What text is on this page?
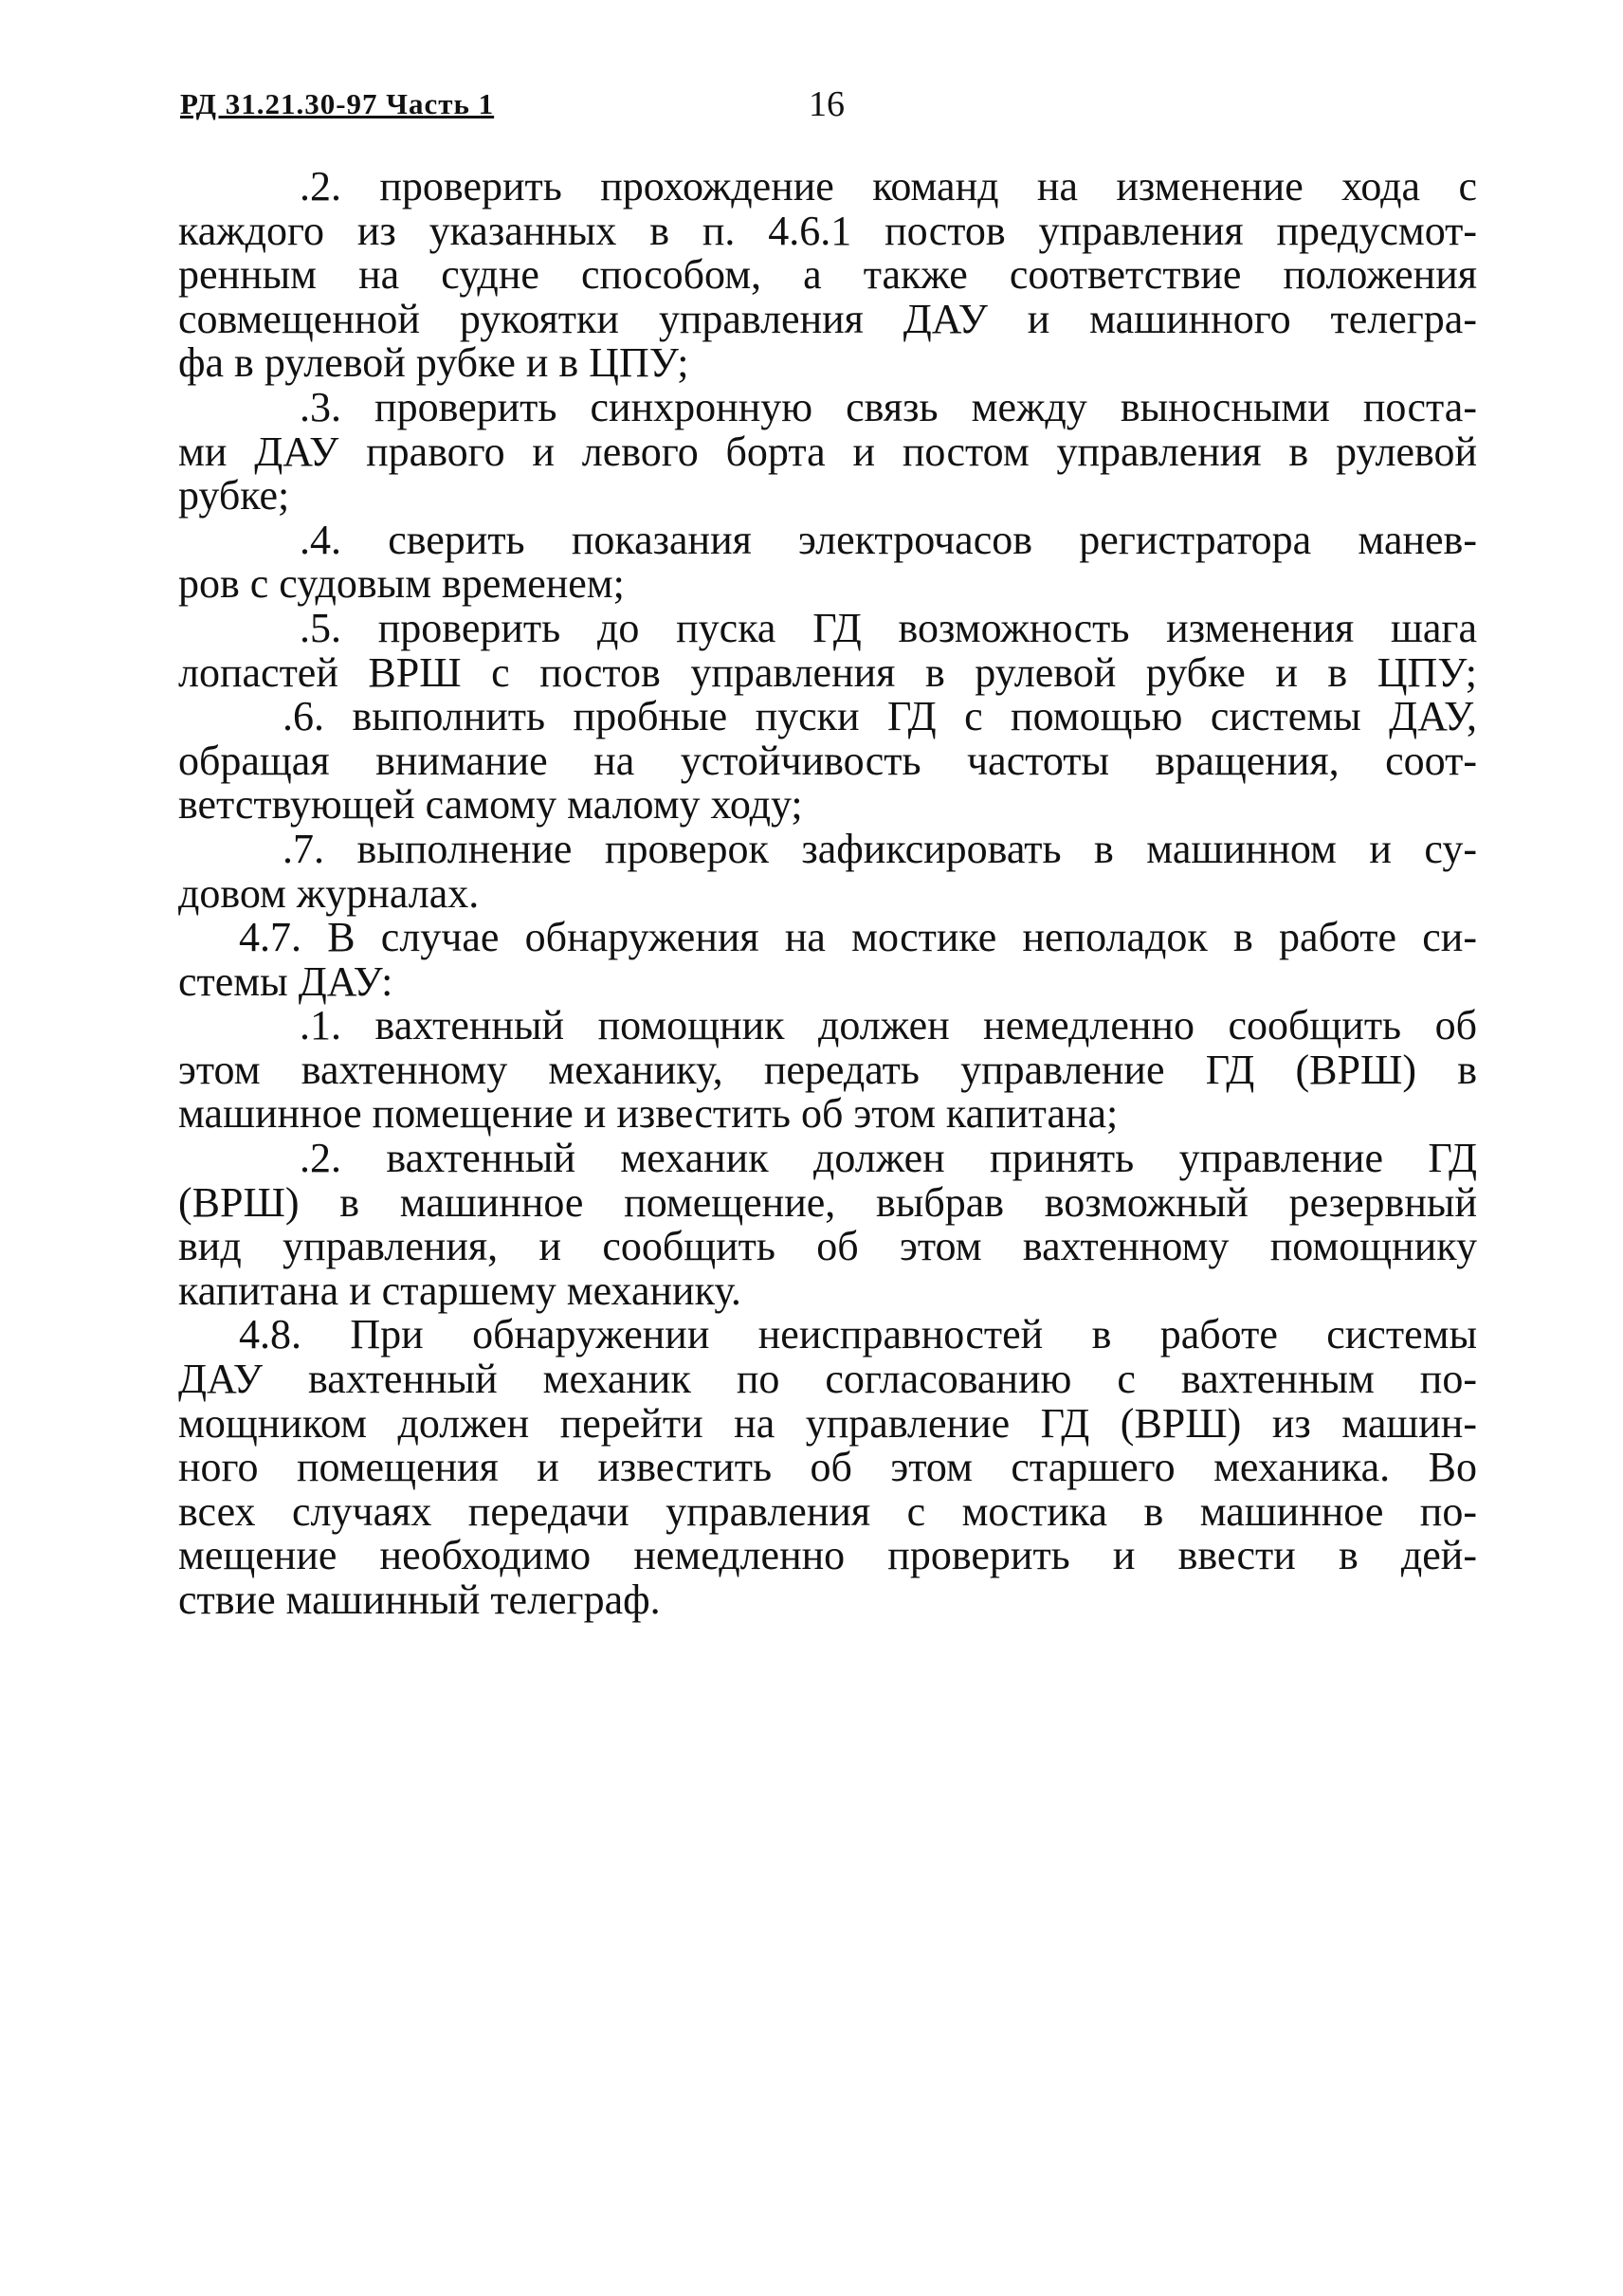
РД 31.21.30-97 Часть 1	16
.2. проверить прохождение команд на изменение хода с
каждого из указанных в п. 4.6.1 постов управления предусмот-
ренным на судне способом, а также соответствие положения
совмещенной рукоятки управления ДАУ и машинного телегра-
фа в рулевой рубке и в ЦПУ;
.3. проверить синхронную связь между выносными поста-
ми ДАУ правого и левого борта и постом управления в рулевой
рубке;
.4. сверить показания электрочасов регистратора манев-
ров с судовым временем;
.5. проверить до пуска ГД возможность изменения шага
лопастей ВРШ с постов управления в рулевой рубке и в ЦПУ;
.6. выполнить пробные пуски ГД с помощью системы ДАУ,
обращая внимание на устойчивость частоты вращения, соот-
ветствующей самому малому ходу;
.7. выполнение проверок зафиксировать в машинном и су-
довом журналах.
4.7. В случае обнаружения на мостике неполадок в работе си-
стемы ДАУ:
.1. вахтенный помощник должен немедленно сообщить об
этом вахтенному механику, передать управление ГД (ВРШ) в
машинное помещение и известить об этом капитана;
.2. вахтенный механик должен принять управление ГД
(ВРШ) в машинное помещение, выбрав возможный резервный
вид управления, и сообщить об этом вахтенному помощнику
капитана и старшему механику.
4.8. При обнаружении неисправностей в работе системы
ДАУ вахтенный механик по согласованию с вахтенным по-
мощником должен перейти на управление ГД (ВРШ) из машин-
ного помещения и известить об этом старшего механика. Во
всех случаях передачи управления с мостика в машинное по-
мещение необходимо немедленно проверить и ввести в дей-
ствие машинный телеграф.
